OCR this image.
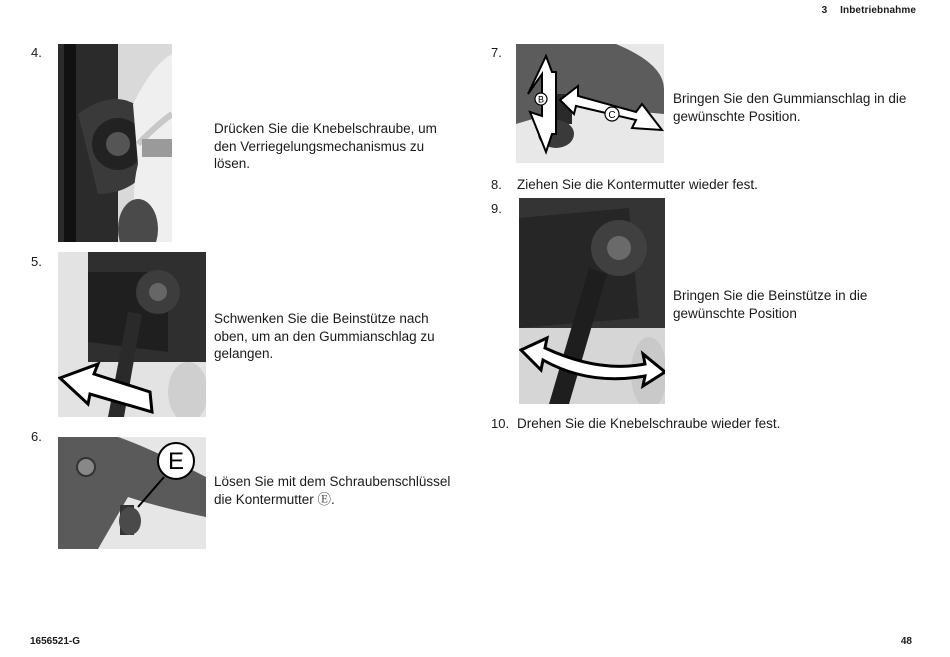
3 Inbetriebnahme
4.
Drücken Sie die Knebelschraube, um den Verriegelungsmechanismus zu lösen.
5.
Schwenken Sie die Beinstütze nach oben, um an den Gummianschlag zu gelangen.
6.
E
Lösen Sie mit dem Schraubenschlüssel die Kontermutter Ⓔ.
7.
B
C
Bringen Sie den Gummianschlag in die gewünschte Position.
8. Ziehen Sie die Kontermutter wieder fest.
9.
Bringen Sie die Beinstütze in die gewünschte Position
10. Drehen Sie die Knebelschraube wieder fest.
1656521-G	48
